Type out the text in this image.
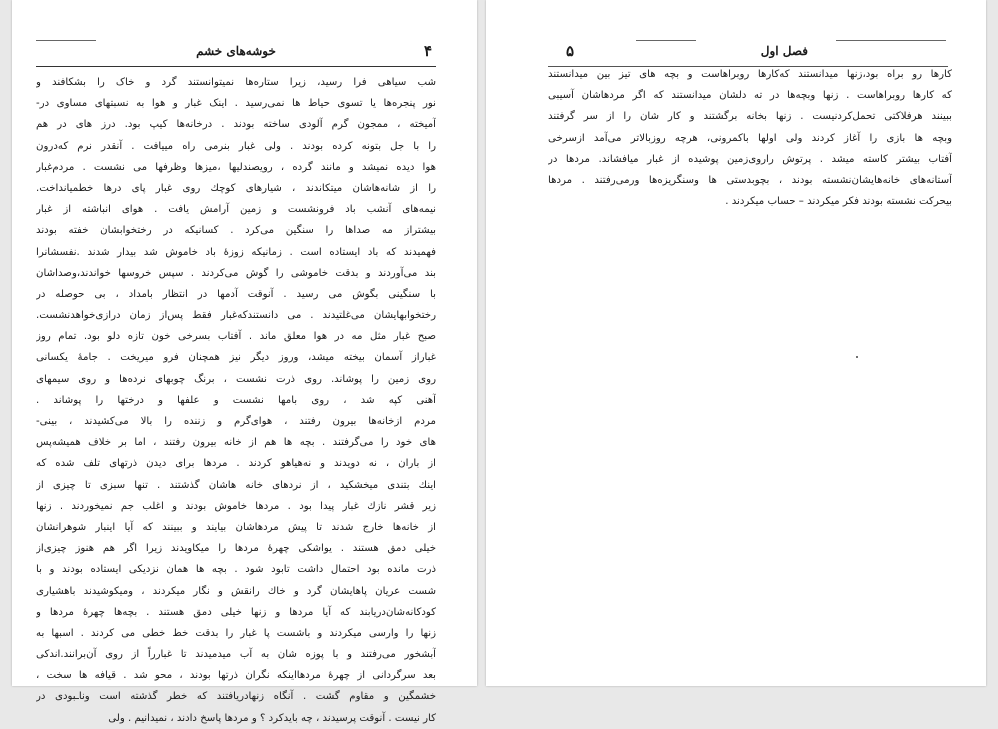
۴
خوشه‌های خشم
شب سیاهی فرا رسید، زیرا ستاره‌ها نمیتوانستند گرد و خاک را بشکافند و
نور پنجره‌ها یا تسوی حیاط ها نمی‌رسید . اینک غبار و هوا به نسبتهای مساوی در-
آمیخته ، ممجون گرم آلودی ساخته بودند . درخانه‌ها کیپ بود. درز های در هم
را با جل بتونه کرده بودند . ولی غبار بنرمی راه مییافت . آنقدر نرم کەدرون
هوا دیده نمیشد و مانند گرده ، رویصندلیها ،میزها وظرفها می نشست . مردم‌غبار
را از شانه‌هاشان میتکاندند ، شیارهای کوچك روی غبار پای درها خطمیانداخت.
نیمه‌های آنشب باد فرونشست و زمین آرامش یافت . هوای انباشته از غبار
بیشتراز مه صداها را سنگین می‌کرد . کسانیکه در رختخوابشان خفته بودند
فهمیدند که باد ایستاده است . زمانیکه زوزهٔ باد خاموش شد بیدار شدند .نفسشانرا
بند می‌آوردند و بدقت خاموشی را گوش می‌کردند . سپس خروسها خواندند،وصداشان
با سنگینی بگوش می رسید . آنوقت آدمها در انتظار بامداد ، بی حوصله در
رختخوابهایشان می‌غلتیدند . می دانستندکه‌غبار فقط پس‌از زمان درازی‌خواهدنشست.
صبح غبار مثل مه در هوا معلق ماند . آفتاب بسرخی خون تازه دلو بود. تمام روز
غباراز آسمان بیخته میشد، وروز دیگر نیز همچنان فرو میریخت . جامهٔ یکسانی
روی زمین را پوشاند. روی ذرت نشست ، برنگ چوبهای نرده‌ها و روی سیمهای
آهنی کپه شد ، روی بامها نشست و علفها و درختها را پوشاند .
مردم ازخانه‌ها بیرون رفتند ، هوای‌گرم و زننده را بالا می‌کشیدند ، بینی-
های خود را می‌گرفتند . بچه ها هم از خانه بیرون رفتند ، اما بر خلاف همیشه‌پس
از باران ، نه دویدند و نه‌هیاهو کردند . مردها برای دیدن ذرتهای تلف شده که
اینك بتندی میخشکید ، از نردهای خانه هاشان گذشتند . تنها سبزی تا چیزی از
زیر قشر نازك غبار پیدا بود . مردها خاموش بودند و اغلب جم نمیخوردند . زنها
از خانه‌ها خارج شدند تا پیش مردهاشان بیایند و ببینند که آیا اینبار شوهرانشان
خیلی دمق هستند . یواشکی چهرهٔ مردها را میکاویدند زیرا اگر هم هنوز چیزی‌از
ذرت مانده بود احتمال داشت تابود شود . بچه ها همان نزدیکی ایستاده بودند و با
شست عریان پاهایشان گرد و خاك رانقش و نگار میکردند ، ومیکوشیدند باهشیاری
کودکانه‌شان‌دریابند که آیا مردها و زنها خیلی دمق هستند . بچه‌ها چهرهٔ مردها و
زنها را وارسی میکردند و باشست پا غبار را بدقت خط خطی می کردند . اسبها به
آبشخور می‌رفتند و با پوزه شان به آب میدمیدند تا غبارراً از روی آن‌برانند.اندکی
بعد سرگردانی از چهرهٔ مردهااینکه نگران ذرتها بودند ، محو شد . قیافه ها سخت ،
خشمگین و مقاوم گشت . آنگاه زنهادریافتند که خطر گذشته است وناـبودی در
کار نیست . آنوقت پرسیدند ، چه بایدکرد ؟ و مردها پاسخ دادند ، نمیدانیم . ولی
۵	فصل اول
کارها رو براه بود،زنها میدانستند که‌کارها روبراهاست و بچه های تیز بین میدانستند
که کارها روبراهاست . زنها وبچه‌ها در ته دلشان میدانستند که اگر مردهاشان آسیبی
ببینند هرفلاکتی تحمل‌کردنیست . زنها بخانه برگشتند و کار شان را از سر گرفتند
وبچه ها بازی را آغاز کردند ولی اولها باکمرونی، هرچه روزبالاتر می‌آمد ازسرخی
آفتاب بیشتر کاسته میشد . پرتوش راروی‌زمین پوشیده از غبار میافشاند. مردها در
آستانه‌های خانه‌هایشان‌نشسته بودند ، بچوبدستی ها وسنگریزه‌ها ورمی‌رفتند . مردها
بیحرکت نشسته بودند فکر میکردند – حساب میکردند .
